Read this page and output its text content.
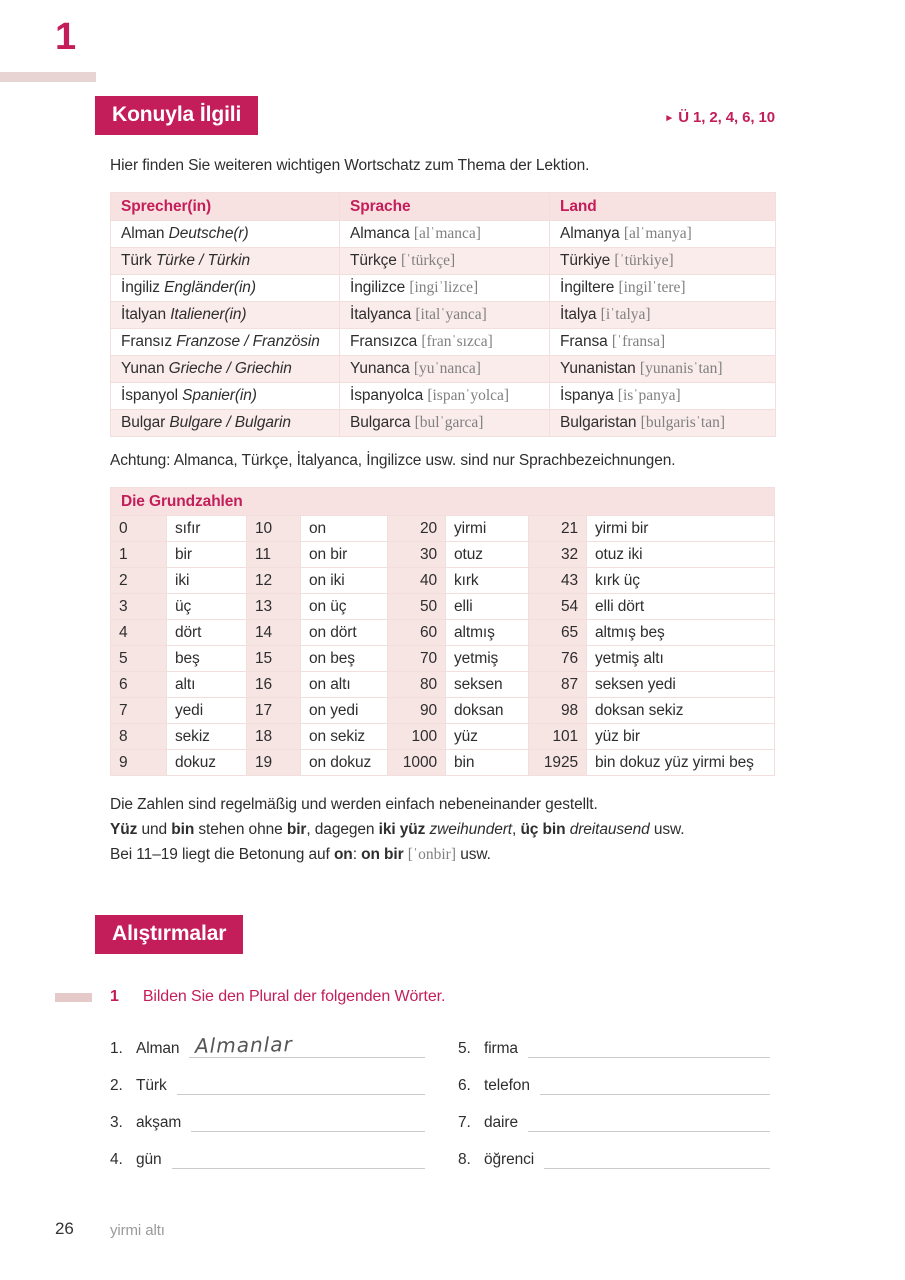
1
Konuyla İlgili	► Ü 1, 2, 4, 6, 10
Hier finden Sie weiteren wichtigen Wortschatz zum Thema der Lektion.
Sprecher(in)	Sprache	Land
Alman Deutsche(r)	Almanca [alˈmanca]	Almanya [alˈmanya]
Türk Türke / Türkin	Türkçe [ˈtürkçe]	Türkiye [ˈtürkiye]
İngiliz Engländer(in)	İngilizce [ingiˈlizce]	İngiltere [ingilˈtere]
İtalyan Italiener(in)	İtalyanca [italˈyanca]	İtalya [iˈtalya]
Fransız Franzose / Französin	Fransızca [franˈsızca]	Fransa [ˈfransa]
Yunan Grieche / Griechin	Yunanca [yuˈnanca]	Yunanistan [yunanisˈtan]
İspanyol Spanier(in)	İspanyolca [ispanˈyolca]	İspanya [isˈpanya]
Bulgar Bulgare / Bulgarin	Bulgarca [bulˈgarca]	Bulgaristan [bulgarisˈtan]
Achtung: Almanca, Türkçe, İtalyanca, İngilizce usw. sind nur Sprachbezeichnungen.
Die Grundzahlen							
0	sıfır	10	on	20	yirmi	21	yirmi bir
1	bir	11	on bir	30	otuz	32	otuz iki
2	iki	12	on iki	40	kırk	43	kırk üç
3	üç	13	on üç	50	elli	54	elli dört
4	dört	14	on dört	60	altmış	65	altmış beş
5	beş	15	on beş	70	yetmiş	76	yetmiş altı
6	altı	16	on altı	80	seksen	87	seksen yedi
7	yedi	17	on yedi	90	doksan	98	doksan sekiz
8	sekiz	18	on sekiz	100	yüz	101	yüz bir
9	dokuz	19	on dokuz	1000	bin	1925	bin dokuz yüz yirmi beş
Die Zahlen sind regelmäßig und werden einfach nebeneinander gestellt.
Yüz und bin stehen ohne bir, dagegen iki yüz zweihundert, üç bin dreitausend usw.
Bei 11–19 liegt die Betonung auf on: on bir [ˈonbir] usw.
Alıştırmalar
1 Bilden Sie den Plural der folgenden Wörter.
1. Alman Almanlar
2. Türk
3. akşam
4. gün
5. firma
6. telefon
7. daire
8. öğrenci
26 yirmi altı
